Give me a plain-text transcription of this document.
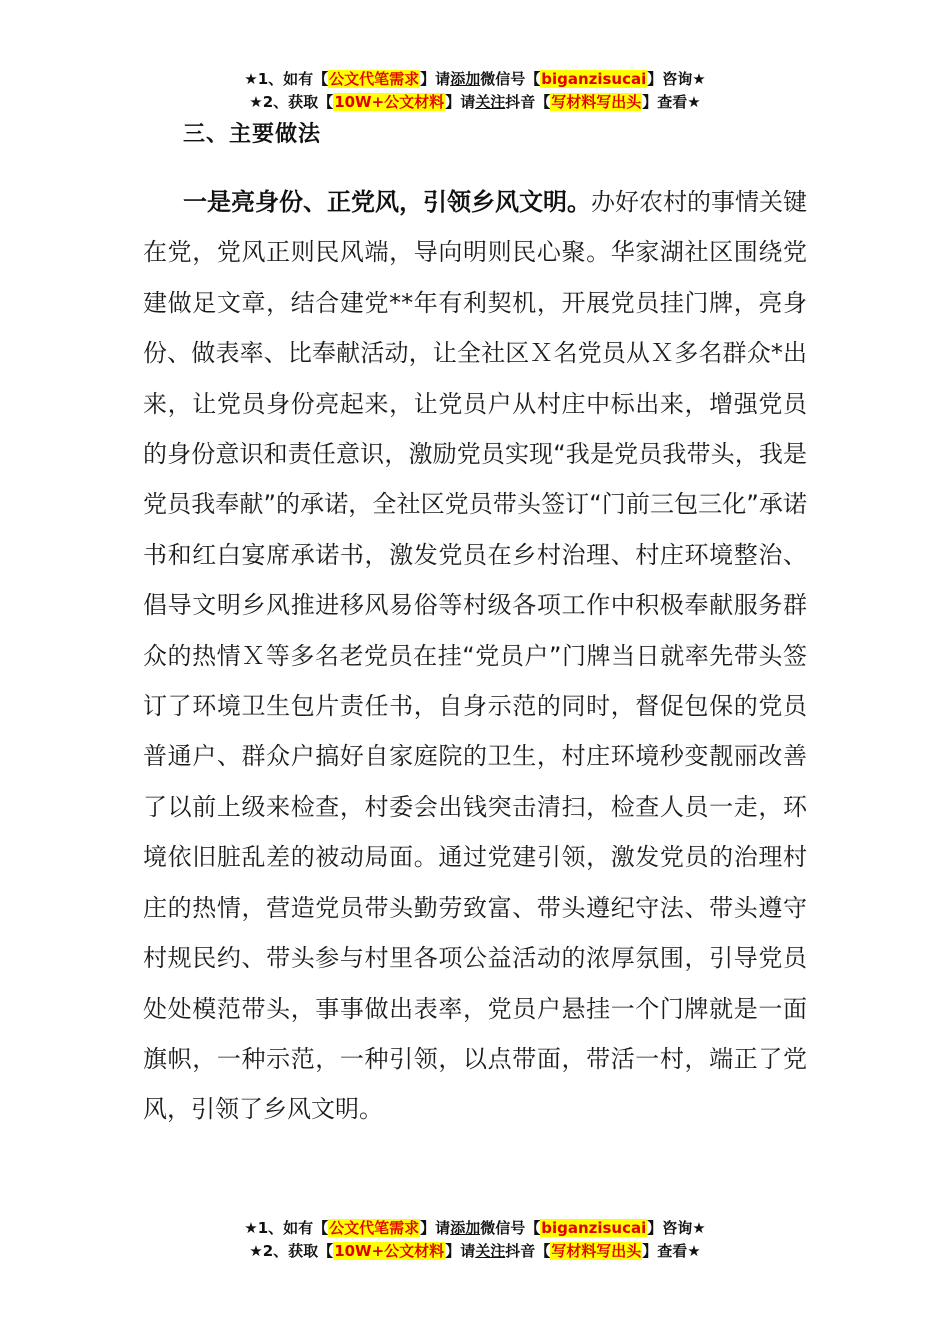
★1、如有【公文代笔需求】请添加微信号【biganzisucai】咨询★
★2、获取【10W+公文材料】请关注抖音【写材料写出头】查看★
三、主要做法
一是亮身份、正党风，引领乡风文明。办好农村的事情关键在党，党风正则民风端，导向明则民心聚。华家湖社区围绕党建做足文章，结合建党**年有利契机，开展党员挂门牌，亮身份、做表率、比奉献活动，让全社区Ｘ名党员从Ｘ多名群众*出来，让党员身份亮起来，让党员户从村庄中标出来，增强党员的身份意识和责任意识，激励党员实现“我是党员我带头，我是党员我奉献”的承诺，全社区党员带头签订“门前三包三化”承诺书和红白宴席承诺书，激发党员在乡村治理、村庄环境整治、倡导文明乡风推进移风易俗等村级各项工作中积极奉献服务群众的热情Ｘ等多名老党员在挂“党员户”门牌当日就率先带头签订了环境卫生包片责任书，自身示范的同时，督促包保的党员普通户、群众户搞好自家庭院的卫生，村庄环境秒变靓丽改善了以前上级来检查，村委会出钱突击清扫，检查人员一走，环境依旧脏乱差的被动局面。通过党建引领，激发党员的治理村庄的热情，营造党员带头勤劳致富、带头遵纪守法、带头遵守村规民约、带头参与村里各项公益活动的浓厚氛围，引导党员处处模范带头，事事做出表率，党员户悬挂一个门牌就是一面旗帜，一种示范，一种引领，以点带面，带活一村，端正了党风，引领了乡风文明。
★1、如有【公文代笔需求】请添加微信号【biganzisucai】咨询★
★2、获取【10W+公文材料】请关注抖音【写材料写出头】查看★
